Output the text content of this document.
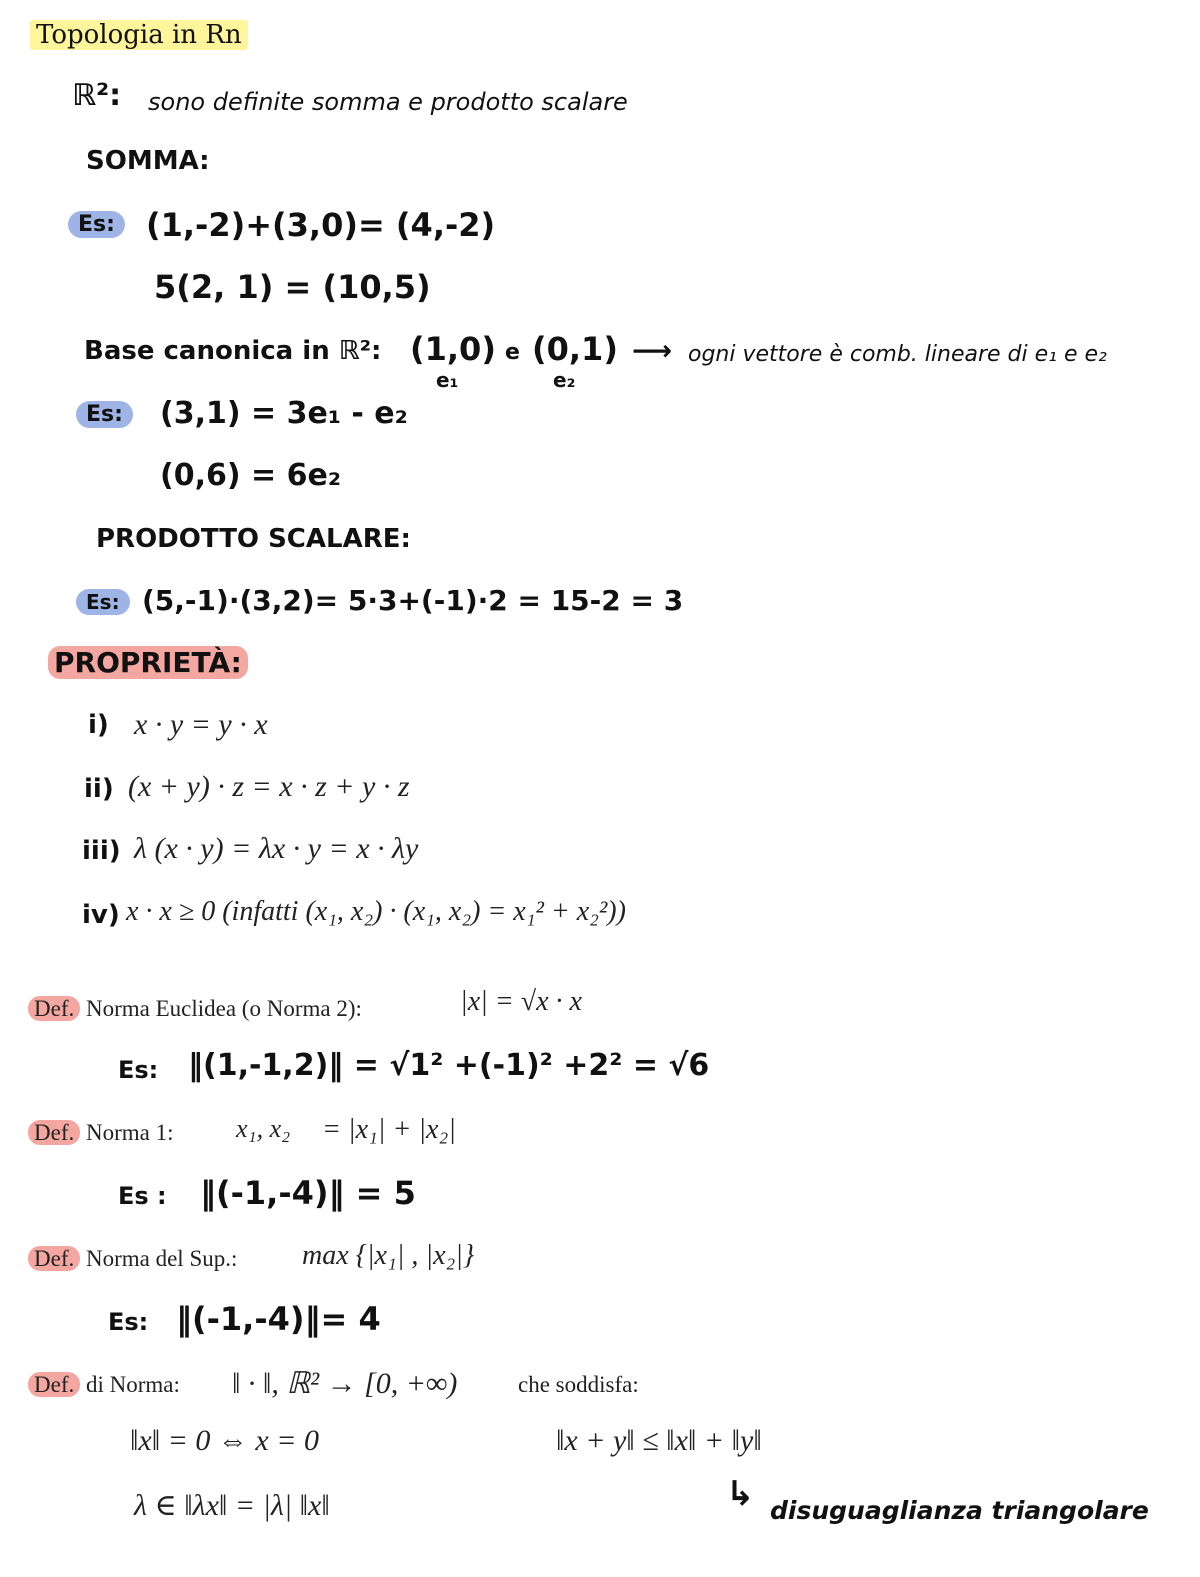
Topologia in Rn
ℝ²: sono definite somma e prodotto scalare
SOMMA:
Es: (1,-2)+(3,0)= (4,-2)
5(2, 1) = (10,5)
Base canonica in ℝ²: (1,0)
e₁
e (0,1)
e₂
⟶ ogni vettore è comb. lineare di e₁ e e₂
Es:	(3,1) = 3e₁ - e₂
(0,6) = 6e₂
PRODOTTO SCALARE:
Es: (5,-1)·(3,2)= 5·3+(-1)·2 = 15-2 = 3
PROPRIETÀ:
i) x · y = y · x
ii) (x + y) · z = x · z + y · z
iii) λ (x · y) = λx · y = x · λy
iv) x · x ≥ 0 (infatti (x₁, x₂) · (x₁, x₂) = x₁² + x₂²))
Def. Norma Euclidea (o Norma 2):	|x| = √x · x
Es: ‖(1,-1,2)‖ = √1² +(-1)² +2² = √6
Def. Norma 1: x₁, x₂ = |x₁| + |x₂|
Es : ‖(-1,-4)‖ = 5
Def. Norma del Sup.: max {|x₁| , |x₂|}
Es: ‖(-1,-4)‖= 4
Def. di Norma: ‖ · ‖, ℝ² → [0, +∞)	che soddisfa:
‖x‖ = 0 ⇔ x = 0	‖x + y‖ ≤ ‖x‖ + ‖y‖
λ ∈ ‖λx‖ = |λ| ‖x‖	↳ disuguaglianza triangolare
